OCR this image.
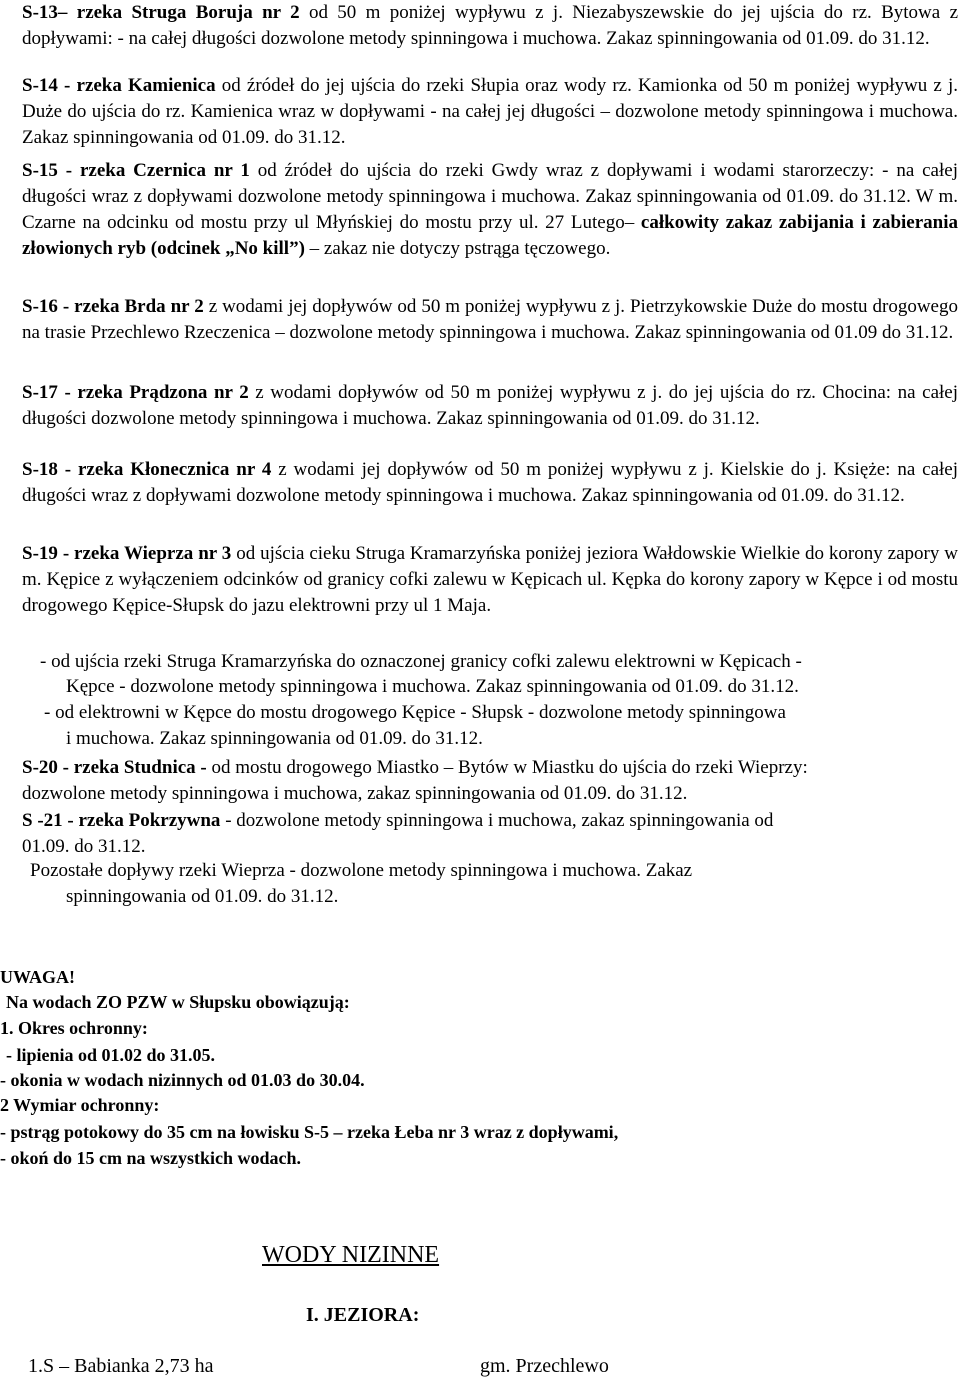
S-13– rzeka Struga Boruja nr 2 od 50 m poniżej wypływu z j. Niezabyszewskie do jej ujścia do rz. Bytowa z dopływami: - na całej długości dozwolone metody spinningowa i muchowa. Zakaz spinningowania od 01.09. do 31.12.

S-14 - rzeka Kamienica od źródeł do jej ujścia do rzeki Słupia oraz wody rz. Kamionka od 50 m poniżej wypływu z j. Duże do ujścia do rz. Kamienica wraz w dopływami - na całej jej długości – dozwolone metody spinningowa i muchowa. Zakaz spinningowania od 01.09. do 31.12.

S-15 - rzeka Czernica nr 1 od źródeł do ujścia do rzeki Gwdy wraz z dopływami i wodami starorzeczy: - na całej długości wraz z dopływami dozwolone metody spinningowa i muchowa. Zakaz spinningowania od 01.09. do 31.12. W m. Czarne na odcinku od mostu przy ul Młyńskiej do mostu przy ul. 27 Lutego– całkowity zakaz zabijania i zabierania złowionych ryb (odcinek „No kill”) – zakaz nie dotyczy pstrąga tęczowego.

S-16 - rzeka Brda nr 2 z wodami jej dopływów od 50 m poniżej wypływu z j. Pietrzykowskie Duże do mostu drogowego na trasie Przechlewo Rzeczenica – dozwolone metody spinningowa i muchowa. Zakaz spinningowania od 01.09 do 31.12.

S-17 - rzeka Prądzona nr 2 z wodami dopływów od 50 m poniżej wypływu z j. do jej ujścia do rz. Chocina: na całej długości dozwolone metody spinningowa i muchowa. Zakaz spinningowania od 01.09. do 31.12.

S-18 - rzeka Kłonecznica nr 4 z wodami jej dopływów od 50 m poniżej wypływu z j. Kielskie do j. Księże: na całej długości wraz z dopływami dozwolone metody spinningowa i muchowa. Zakaz spinningowania od 01.09. do 31.12.

S-19 - rzeka Wieprza nr 3 od ujścia cieku Struga Kramarzyńska poniżej jeziora Wałdowskie Wielkie do korony zapory w m. Kępice z wyłączeniem odcinków od granicy cofki zalewu w Kępicach ul. Kępka do korony zapory w Kępce i od mostu drogowego Kępice-Słupsk do jazu elektrowni przy ul 1 Maja.

- od ujścia rzeki Struga Kramarzyńska do oznaczonej granicy cofki zalewu elektrowni w Kępicach -
Kępce - dozwolone metody spinningowa i muchowa. Zakaz spinningowania od 01.09. do 31.12.
- od elektrowni w Kępce do mostu drogowego Kępice - Słupsk - dozwolone metody spinningowa
i muchowa. Zakaz spinningowania od 01.09. do 31.12.
S-20 - rzeka Studnica - od mostu drogowego Miastko – Bytów w Miastku do ujścia do rzeki Wieprzy:
dozwolone metody spinningowa i muchowa, zakaz spinningowania od 01.09. do 31.12.
S -21 - rzeka Pokrzywna - dozwolone metody spinningowa i muchowa, zakaz spinningowania od
01.09. do 31.12.
Pozostałe dopływy rzeki Wieprza - dozwolone metody spinningowa i muchowa. Zakaz
spinningowania od 01.09. do 31.12.
UWAGA!
Na wodach ZO PZW w Słupsku obowiązują:
1. Okres ochronny:
- lipienia od 01.02 do 31.05.
- okonia w wodach nizinnych od 01.03 do 30.04.
2 Wymiar ochronny:
- pstrąg potokowy do 35 cm na łowisku S-5 – rzeka Łeba nr 3 wraz z dopływami,
- okoń do 15 cm na wszystkich wodach.
WODY NIZINNE
I. JEZIORA:
1.S – Babianka 2,73 ha	gm. Przechlewo
